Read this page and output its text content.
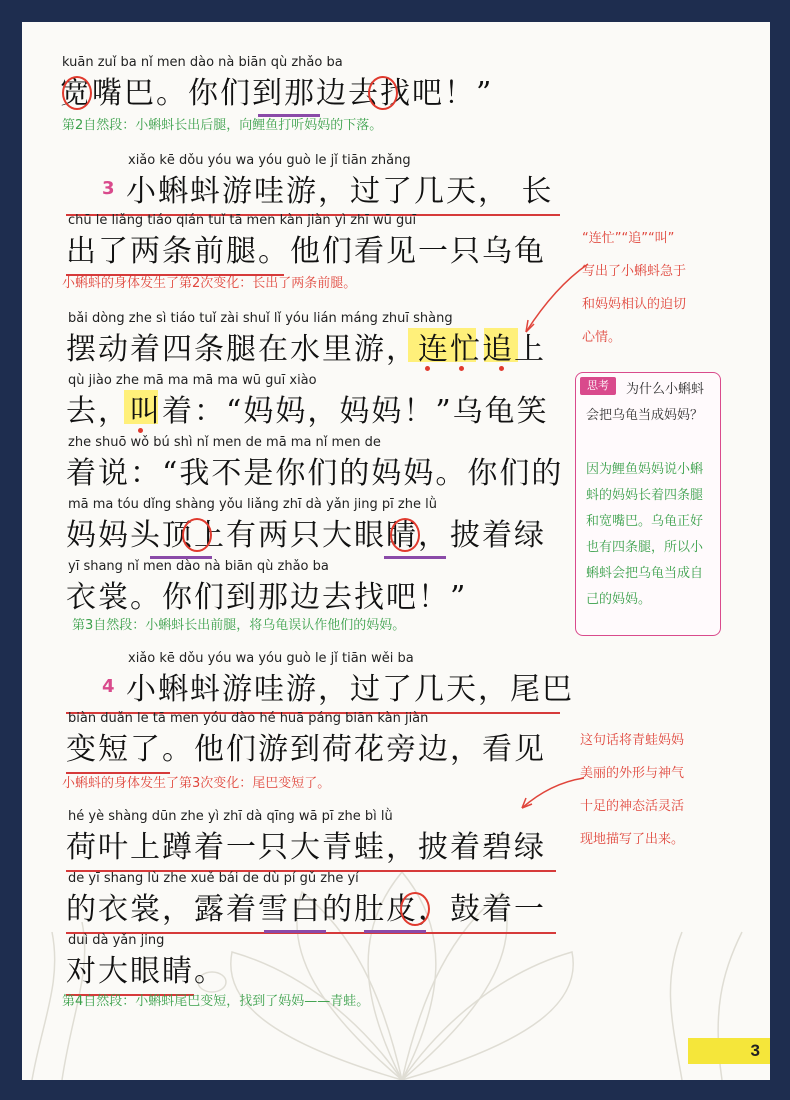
kuān zuǐ ba nǐ men dào nà biān qù zhǎo ba
宽嘴巴。你们到那边去找吧！”
第2自然段：小蝌蚪长出后腿，向鲤鱼打听妈妈的下落。
3
xiǎo kē dǒu yóu wa yóu guò le jǐ tiān zhǎng
小蝌蚪游哇游，过了几天， 长
chū le liǎng tiáo qián tuǐ tā men kàn jiàn yì zhī wū guī
出了两条前腿。他们看见一只乌龟
小蝌蚪的身体发生了第2次变化：长出了两条前腿。
bǎi dòng zhe sì tiáo tuǐ zài shuǐ lǐ yóu lián máng zhuī shàng
摆动着四条腿在水里游，连忙追上
qù jiào zhe mā ma mā ma wū guī xiào
去，叫着：“妈妈，妈妈！”乌龟笑
zhe shuō wǒ bú shì nǐ men de mā ma nǐ men de
着说：“我不是你们的妈妈。你们的
mā ma tóu dǐng shàng yǒu liǎng zhī dà yǎn jing pī zhe lǜ
妈妈头顶上有两只大眼睛，披着绿
yī shang nǐ men dào nà biān qù zhǎo ba
衣裳。你们到那边去找吧！”
第3自然段：小蝌蚪长出前腿，将乌龟误认作他们的妈妈。
4
xiǎo kē dǒu yóu wa yóu guò le jǐ tiān wěi ba
小蝌蚪游哇游，过了几天，尾巴
biàn duǎn le tā men yóu dào hé huā páng biān kàn jiàn
变短了。他们游到荷花旁边，看见
小蝌蚪的身体发生了第3次变化：尾巴变短了。
hé yè shàng dūn zhe yì zhī dà qīng wā pī zhe bì lǜ
荷叶上蹲着一只大青蛙，披着碧绿
de yī shang lù zhe xuě bái de dù pí gǔ zhe yí
的衣裳，露着雪白的肚皮，鼓着一
duì dà yǎn jing
对大眼睛。
第4自然段：小蝌蚪尾巴变短，找到了妈妈——青蛙。
“连忙”“追”“叫”
写出了小蝌蚪急于
和妈妈相认的迫切
心情。
思考	为什么小蝌蚪会把乌龟当成妈妈？
因为鲤鱼妈妈说小蝌蚪的妈妈长着四条腿和宽嘴巴。乌龟正好也有四条腿，所以小蝌蚪会把乌龟当成自己的妈妈。
这句话将青蛙妈妈
美丽的外形与神气
十足的神态活灵活
现地描写了出来。
3
